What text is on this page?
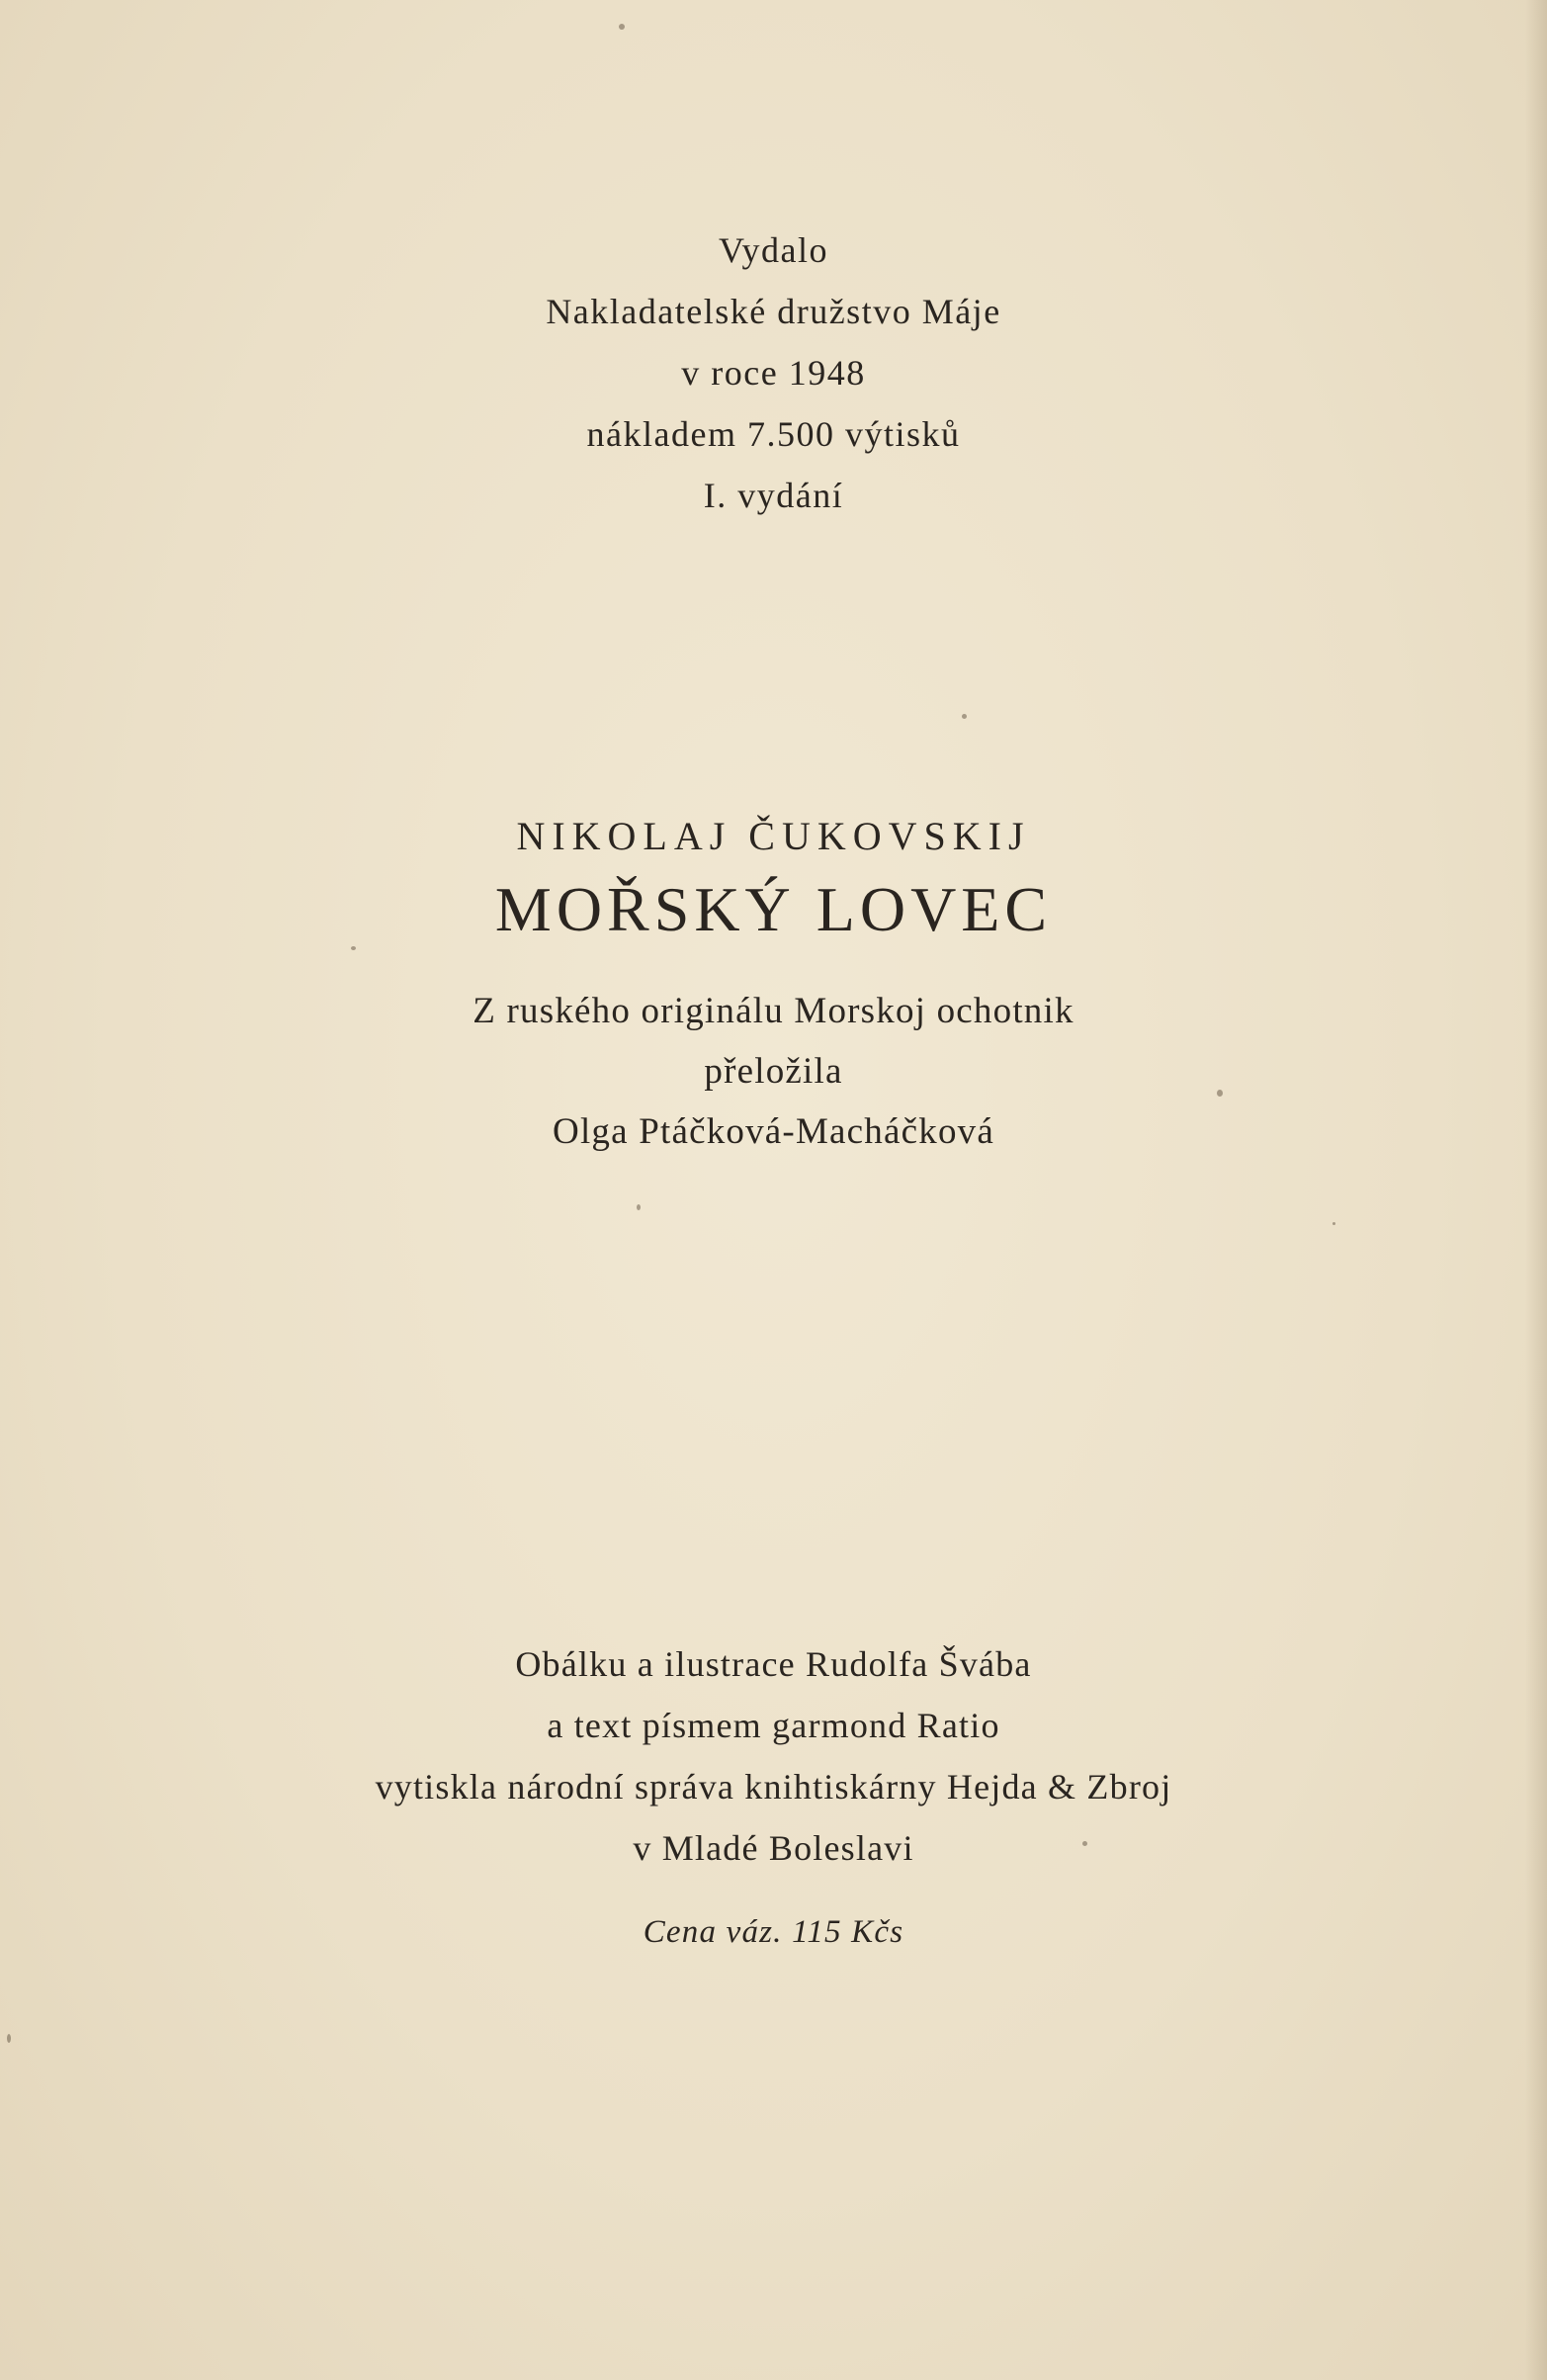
Vydalo
Nakladatelské družstvo Máje
v roce 1948
nákladem 7.500 výtisků
I. vydání
NIKOLAJ ČUKOVSKIJ
MOŘSKÝ LOVEC
Z ruského originálu Morskoj ochotnik
přeložila
Olga Ptáčková-Macháčková
Obálku a ilustrace Rudolfa Švába
a text písmem garmond Ratio
vytiskla národní správa knihtiskárny Hejda & Zbroj
v Mladé Boleslavi
Cena váz. 115 Kčs
